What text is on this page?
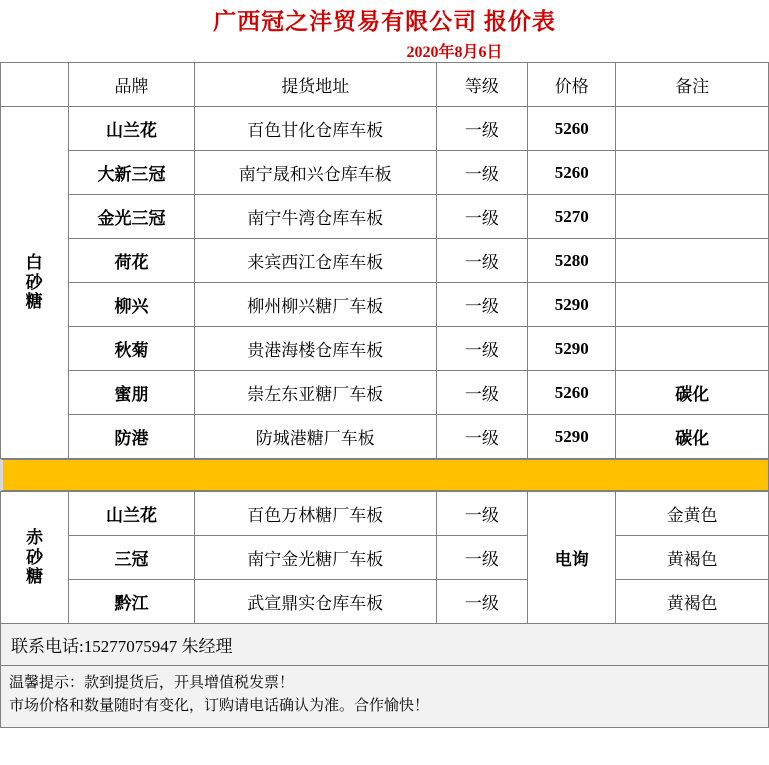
广西冠之沣贸易有限公司 报价表
2020年8月6日
	品牌	提货地址	等级	价格	备注

白
砂
糖	山兰花	百色甘化仓库车板	一级	5260	
	大新三冠	南宁晟和兴仓库车板	一级	5260	
	金光三冠	南宁牛湾仓库车板	一级	5270	
	荷花	来宾西江仓库车板	一级	5280	
	柳兴	柳州柳兴糖厂车板	一级	5290	
	秋菊	贵港海楼仓库车板	一级	5290	
	蜜朋	崇左东亚糖厂车板	一级	5260	碳化
	防港	防城港糖厂车板	一级	5290	碳化
赤
砂
糖	山兰花	百色万林糖厂车板	一级	电询	金黄色
	三冠	南宁金光糖厂车板	一级		黄褐色
	黔江	武宣鼎实仓库车板	一级		黄褐色
联系电话:15277075947 朱经理
温馨提示：款到提货后，开具增值税发票！
市场价格和数量随时有变化，订购请电话确认为准。合作愉快！
